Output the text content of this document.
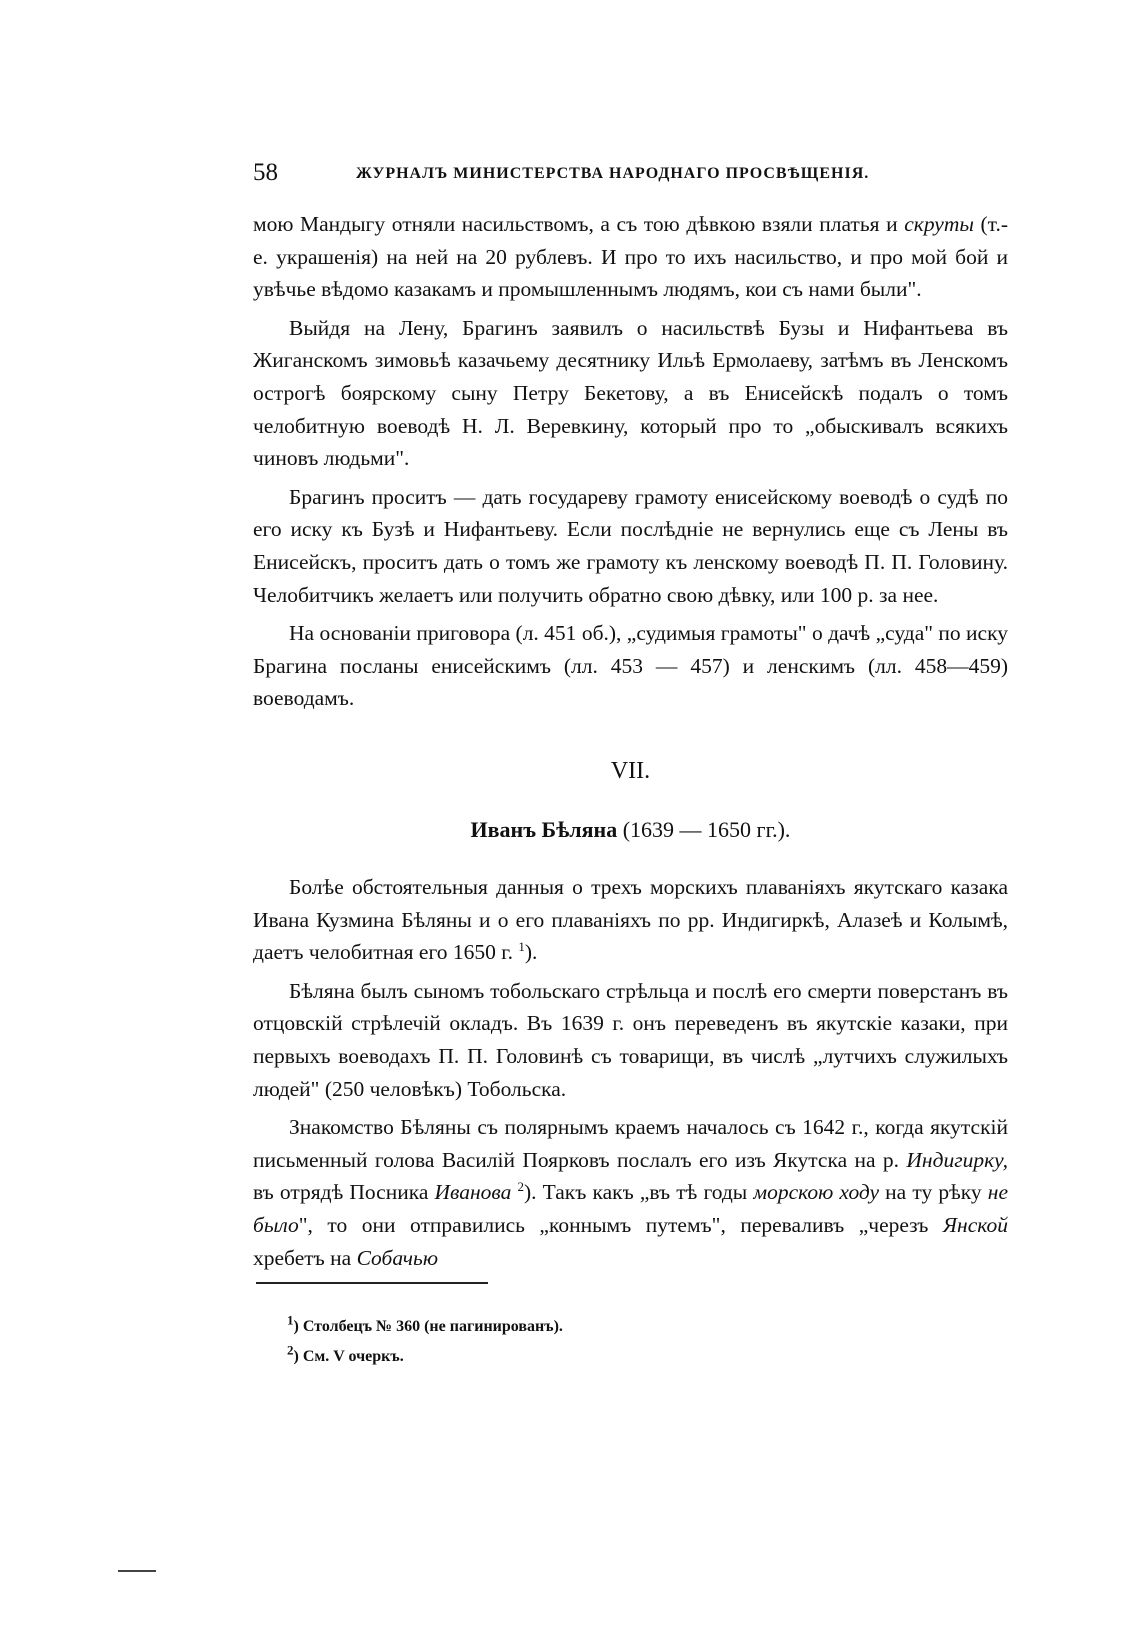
58	ЖУРНАЛЪ МИНИСТЕРСТВА НАРОДНАГО ПРОСВѢЩЕНІЯ.

мою Мандыгу отняли насильствомъ, а съ тою дѣвкою взяли платья и скруты (т.-е. украшенія) на ней на 20 рублевъ. И про то ихъ насильство, и про мой бой и увѣчье вѣдомо казакамъ и промышленнымъ людямъ, кои съ нами были".

Выйдя на Лену, Брагинъ заявилъ о насильствѣ Бузы и Нифантьева въ Жиганскомъ зимовьѣ казачьему десятнику Ильѣ Ермолаеву, затѣмъ въ Ленскомъ острогѣ боярскому сыну Петру Бекетову, а въ Енисейскѣ подалъ о томъ челобитную воеводѣ Н. Л. Веревкину, который про то „обыскивалъ всякихъ чиновъ людьми".

Брагинъ проситъ — дать государеву грамоту енисейскому воеводѣ о судѣ по его иску къ Бузѣ и Нифантьеву. Если послѣдніе не вернулись еще съ Лены въ Енисейскъ, проситъ дать о томъ же грамоту къ ленскому воеводѣ П. П. Головину. Челобитчикъ желаетъ или получить обратно свою дѣвку, или 100 р. за нее.

На основаніи приговора (л. 451 об.), „судимыя грамоты" о дачѣ „суда" по иску Брагина посланы енисейскимъ (лл. 453 — 457) и ленскимъ (лл. 458—459) воеводамъ.

VII.
Иванъ Бѣляна (1639 — 1650 гг.).

Болѣе обстоятельныя данныя о трехъ морскихъ плаваніяхъ якутскаго казака Ивана Кузмина Бѣляны и о его плаваніяхъ по рр. Индигиркѣ, Алазеѣ и Колымѣ, даетъ челобитная его 1650 г. $^1$).

Бѣляна былъ сыномъ тобольскаго стрѣльца и послѣ его смерти поверстанъ въ отцовскій стрѣлечій окладъ. Въ 1639 г. онъ переведенъ въ якутскіе казаки, при первыхъ воеводахъ П. П. Головинѣ съ товарищи, въ числѣ „лутчихъ служилыхъ людей" (250 человѣкъ) Тобольска.

Знакомство Бѣляны съ полярнымъ краемъ началось съ 1642 г., когда якутскій письменный голова Василій Поярковъ послалъ его изъ Якутска на р. Индигирку, въ отрядѣ Посника Иванова $^2$). Такъ какъ „въ тѣ годы морскою ходу на ту рѣку не было", то они отправились „коннымъ путемъ", переваливъ „черезъ Янской хребетъ на Собачью

$^1$) Столбецъ № 360 (не пагинированъ).
$^2$) См. V очеркъ.
